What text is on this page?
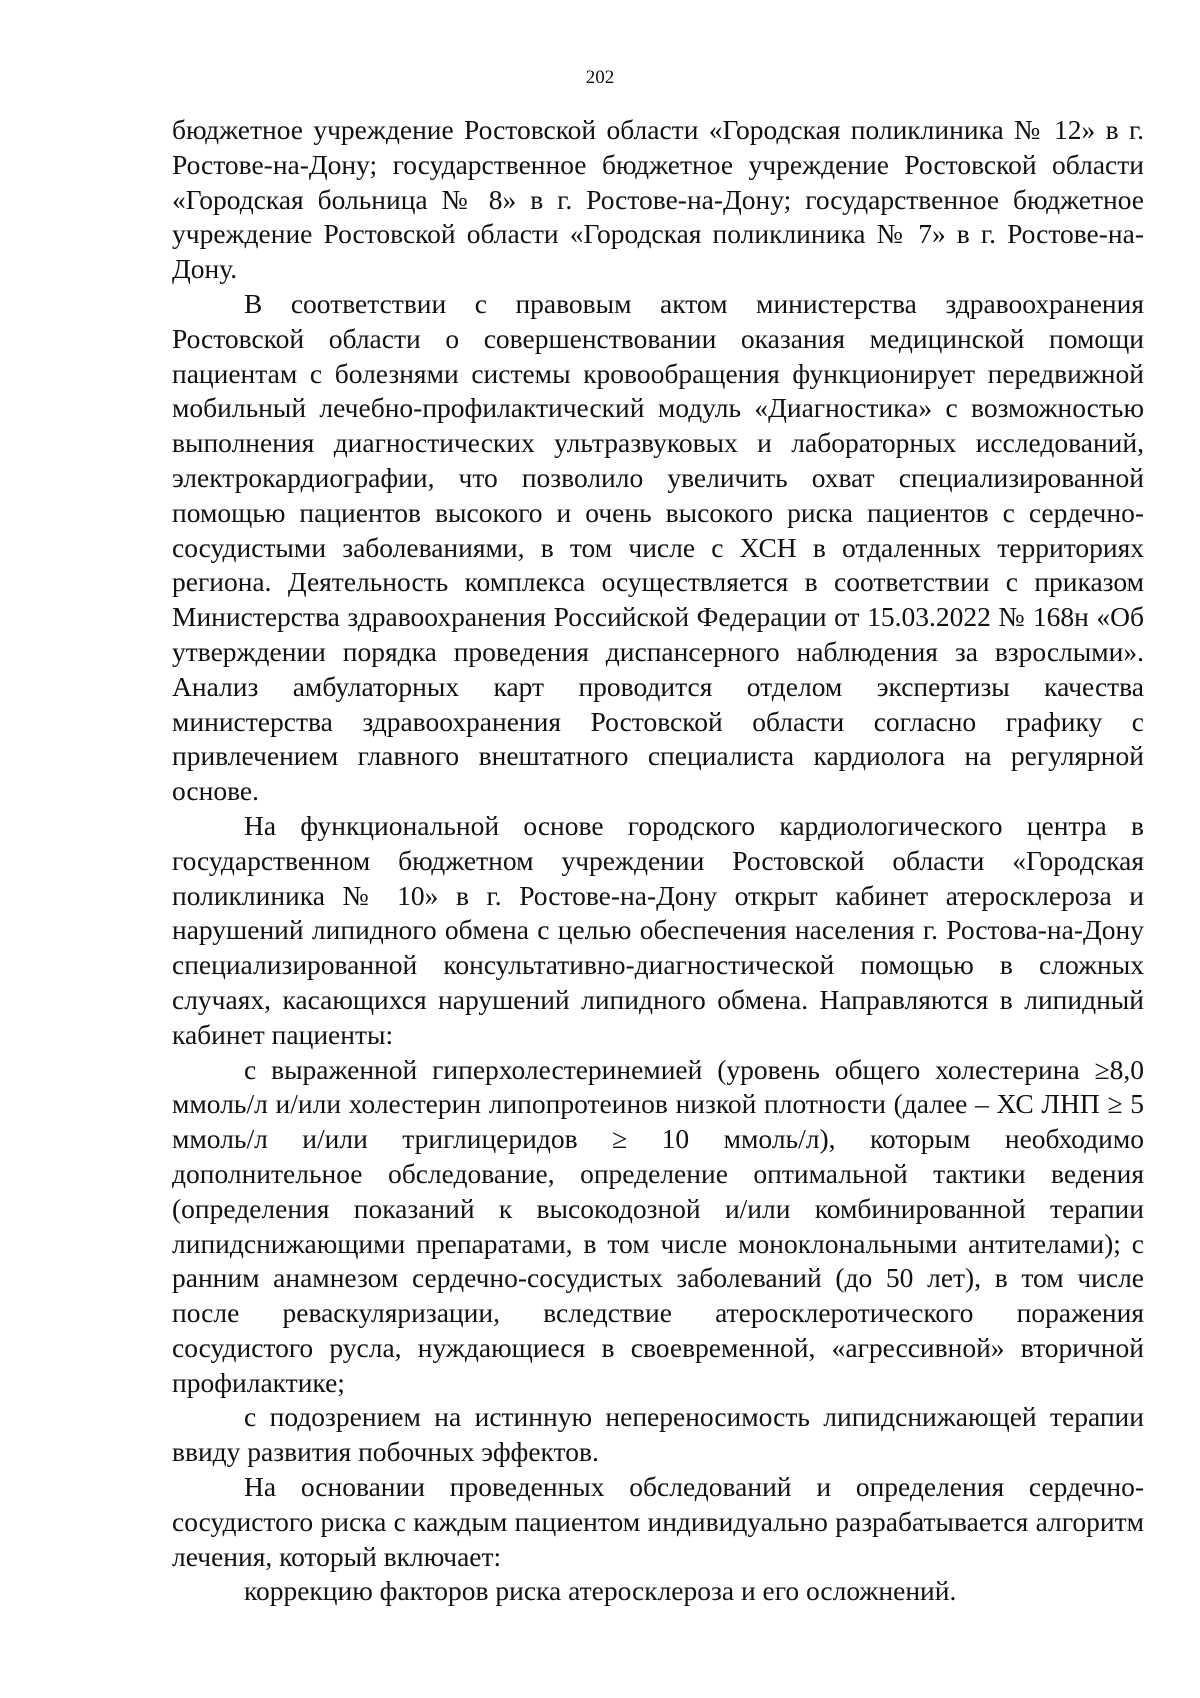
202

бюджетное учреждение Ростовской области «Городская поликлиника № 12» в г. Ростове-на-Дону; государственное бюджетное учреждение Ростовской области «Городская больница № 8» в г. Ростове-на-Дону; государственное бюджетное учреждение Ростовской области «Городская поликлиника № 7» в г. Ростове-на-Дону.

В соответствии с правовым актом министерства здравоохранения Ростовской области о совершенствовании оказания медицинской помощи пациентам с болезнями системы кровообращения функционирует передвижной мобильный лечебно-профилактический модуль «Диагностика» с возможностью выполнения диагностических ультразвуковых и лабораторных исследований, электрокардиографии, что позволило увеличить охват специализированной помощью пациентов высокого и очень высокого риска пациентов с сердечно-сосудистыми заболеваниями, в том числе с ХСН в отдаленных территориях региона. Деятельность комплекса осуществляется в соответствии с приказом Министерства здравоохранения Российской Федерации от 15.03.2022 № 168н «Об утверждении порядка проведения диспансерного наблюдения за взрослыми». Анализ амбулаторных карт проводится отделом экспертизы качества министерства здравоохранения Ростовской области согласно графику с привлечением главного внештатного специалиста кардиолога на регулярной основе.

На функциональной основе городского кардиологического центра в государственном бюджетном учреждении Ростовской области «Городская поликлиника № 10» в г. Ростове-на-Дону открыт кабинет атеросклероза и нарушений липидного обмена с целью обеспечения населения г. Ростова-на-Дону специализированной консультативно-диагностической помощью в сложных случаях, касающихся нарушений липидного обмена. Направляются в липидный кабинет пациенты:

с выраженной гиперхолестеринемией (уровень общего холестерина ≥8,0 ммоль/л и/или холестерин липопротеинов низкой плотности (далее – ХС ЛНП ≥ 5 ммоль/л и/или триглицеридов ≥ 10 ммоль/л), которым необходимо дополнительное обследование, определение оптимальной тактики ведения (определения показаний к высокодозной и/или комбинированной терапии липидснижающими препаратами, в том числе моноклональными антителами); с ранним анамнезом сердечно-сосудистых заболеваний (до 50 лет), в том числе после реваскуляризации, вследствие атеросклеротического поражения сосудистого русла, нуждающиеся в своевременной, «агрессивной» вторичной профилактике;

с подозрением на истинную непереносимость липидснижающей терапии ввиду развития побочных эффектов.

На основании проведенных обследований и определения сердечно-сосудистого риска с каждым пациентом индивидуально разрабатывается алгоритм лечения, который включает:

коррекцию факторов риска атеросклероза и его осложнений.
